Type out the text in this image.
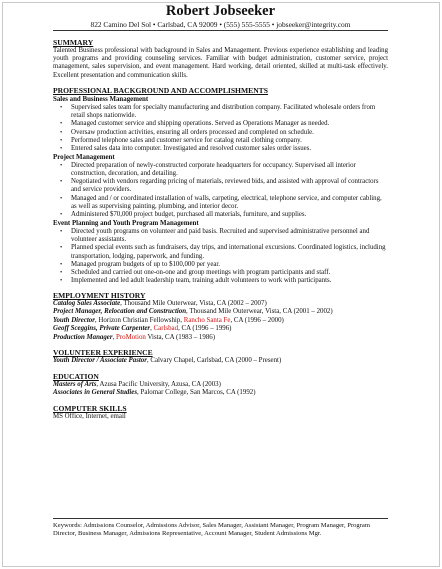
Robert Jobseeker
822 Camino Del Sol • Carlsbad, CA 92009 • (555) 555-5555 • jobseeker@integrity.com
SUMMARY
Talented Business professional with background in Sales and Management. Previous experience establishing and leading youth programs and providing counseling services. Familiar with budget administration, customer service, project management, sales supervision, and event management. Hard working, detail oriented, skilled at multi-task effectively. Excellent presentation and communication skills.
PROFESSIONAL BACKGROUND AND ACCOMPLISHMENTS
Sales and Business Management
• Supervised sales team for specialty manufacturing and distribution company. Facilitated wholesale orders from retail shops nationwide.
• Managed customer service and shipping operations. Served as Operations Manager as needed.
• Oversaw production activities, ensuring all orders processed and completed on schedule.
• Performed telephone sales and customer service for catalog retail clothing company.
• Entered sales data into computer. Investigated and resolved customer sales order issues.
Project Management
• Directed preparation of newly-constructed corporate headquarters for occupancy. Supervised all interior construction, decoration, and detailing.
• Negotiated with vendors regarding pricing of materials, reviewed bids, and assisted with approval of contractors and service providers.
• Managed and / or coordinated installation of walls, carpeting, electrical, telephone service, and computer cabling, as well as supervising painting, plumbing, and interior decor.
• Administered $70,000 project budget, purchased all materials, furniture, and supplies.
Event Planning and Youth Program Management
• Directed youth programs on volunteer and paid basis. Recruited and supervised administrative personnel and volunteer assistants.
• Planned special events such as fundraisers, day trips, and international excursions. Coordinated logistics, including transportation, lodging, paperwork, and funding.
• Managed program budgets of up to $100,000 per year.
• Scheduled and carried out one-on-one and group meetings with program participants and staff.
• Implemented and led adult leadership team, training adult volunteers to work with participants.
EMPLOYMENT HISTORY
Catalog Sales Associate, Thousand Mile Outerwear, Vista, CA (2002 – 2007)
Project Manager, Relocation and Construction, Thousand Mile Outerwear, Vista, CA (2001 – 2002)
Youth Director, Horizon Christian Fellowship, Rancho Santa Fe, CA (1996 – 2000)
Geoff Sceggins, Private Carpenter, Carlsbad, CA (1996 – 1996)
Production Manager, ProMotion Vista, CA (1983 – 1986)
VOLUNTEER EXPERIENCE
Youth Director / Associate Pastor, Calvary Chapel, Carlsbad, CA (2000 – Present)
EDUCATION
Masters of Arts, Azusa Pacific University, Azusa, CA (2003)
Associates in General Studies, Palomar College, San Marcos, CA (1992)
COMPUTER SKILLS
MS Office, Internet, email
Keywords: Admissions Counselor, Admissions Advisor, Sales Manager, Assistant Manager, Program Manager, Program Director, Business Manager, Admissions Representative, Account Manager, Student Admissions Mgr.
